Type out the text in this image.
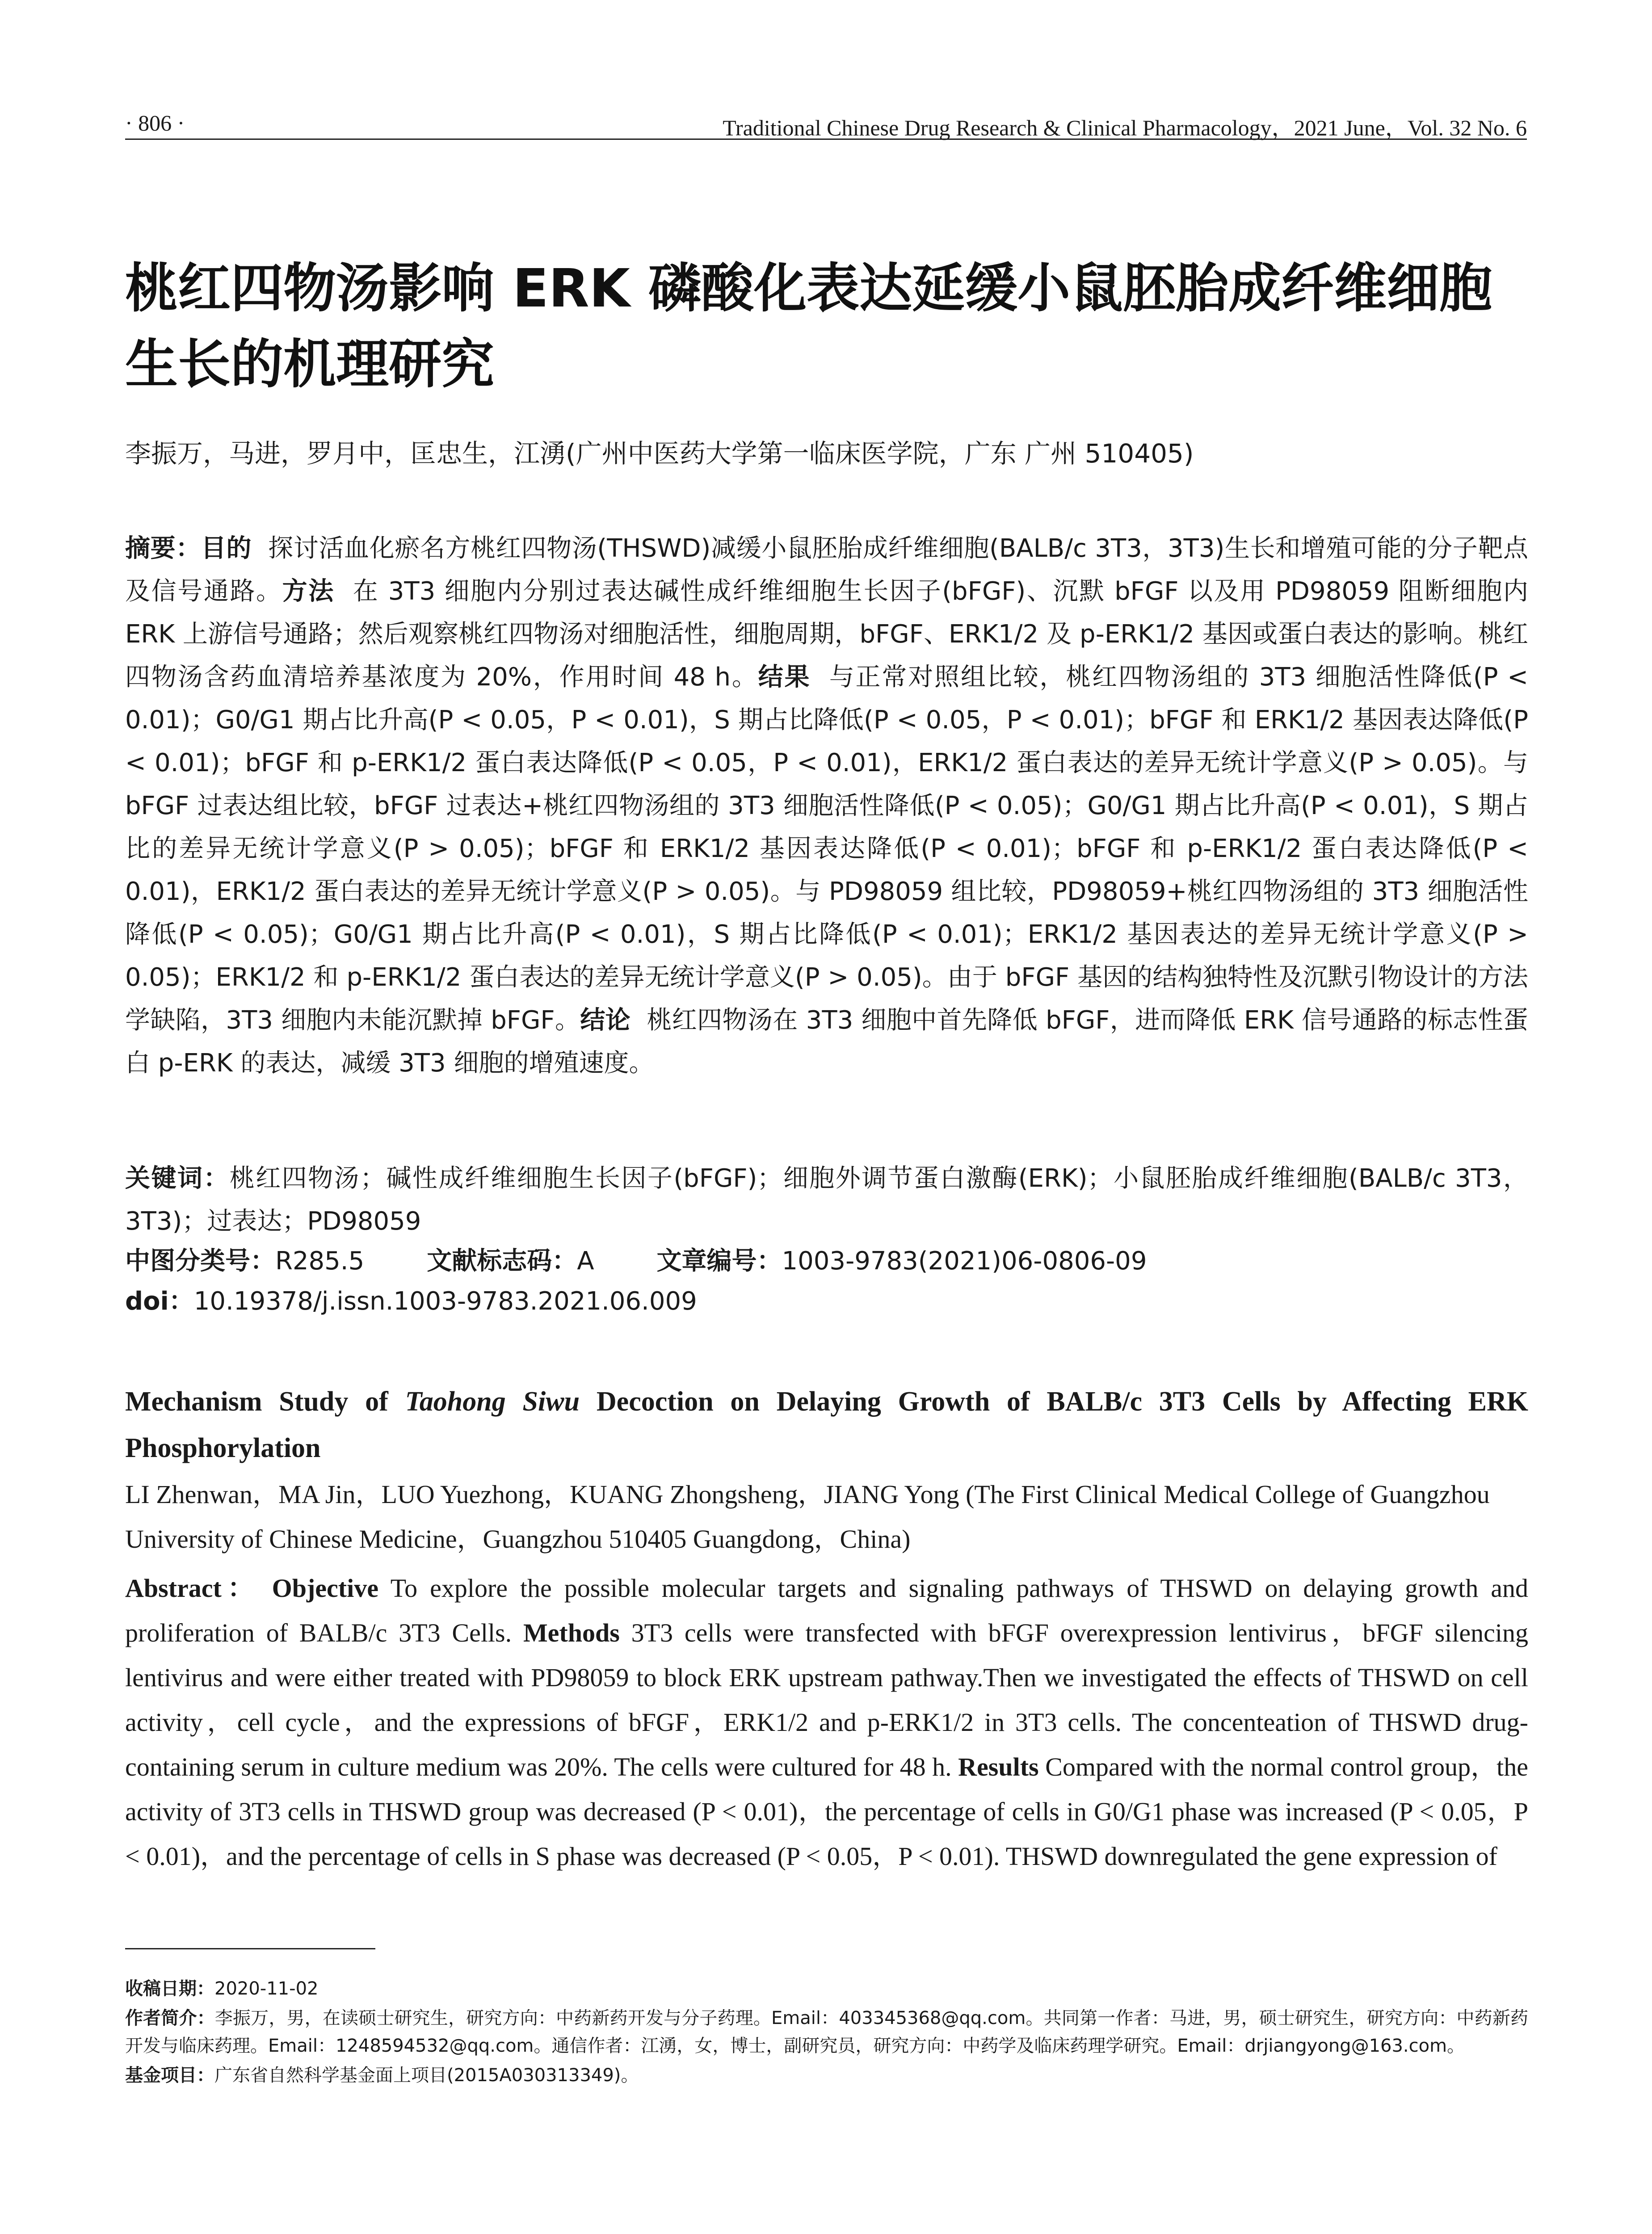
· 806 ·	Traditional Chinese Drug Research & Clinical Pharmacology，2021 June，Vol. 32 No. 6
桃红四物汤影响 ERK 磷酸化表达延缓小鼠胚胎成纤维细胞生长的机理研究
李振万，马进，罗月中，匡忠生，江湧(广州中医药大学第一临床医学院，广东 广州 510405)
摘要：目的 探讨活血化瘀名方桃红四物汤(THSWD)减缓小鼠胚胎成纤维细胞(BALB/c 3T3，3T3)生长和增殖可能的分子靶点及信号通路。方法 在 3T3 细胞内分别过表达碱性成纤维细胞生长因子(bFGF)、沉默 bFGF 以及用 PD98059 阻断细胞内 ERK 上游信号通路；然后观察桃红四物汤对细胞活性，细胞周期，bFGF、ERK1/2 及 p-ERK1/2 基因或蛋白表达的影响。桃红四物汤含药血清培养基浓度为 20%，作用时间 48 h。结果 与正常对照组比较，桃红四物汤组的 3T3 细胞活性降低(P < 0.01)；G0/G1 期占比升高(P < 0.05，P < 0.01)，S 期占比降低(P < 0.05，P < 0.01)；bFGF 和 ERK1/2 基因表达降低(P < 0.01)；bFGF 和 p-ERK1/2 蛋白表达降低(P < 0.05，P < 0.01)，ERK1/2 蛋白表达的差异无统计学意义(P > 0.05)。与 bFGF 过表达组比较，bFGF 过表达+桃红四物汤组的 3T3 细胞活性降低(P < 0.05)；G0/G1 期占比升高(P < 0.01)，S 期占比的差异无统计学意义(P > 0.05)；bFGF 和 ERK1/2 基因表达降低(P < 0.01)；bFGF 和 p-ERK1/2 蛋白表达降低(P < 0.01)，ERK1/2 蛋白表达的差异无统计学意义(P > 0.05)。与 PD98059 组比较，PD98059+桃红四物汤组的 3T3 细胞活性降低(P < 0.05)；G0/G1 期占比升高(P < 0.01)，S 期占比降低(P < 0.01)；ERK1/2 基因表达的差异无统计学意义(P > 0.05)；ERK1/2 和 p-ERK1/2 蛋白表达的差异无统计学意义(P > 0.05)。由于 bFGF 基因的结构独特性及沉默引物设计的方法学缺陷，3T3 细胞内未能沉默掉 bFGF。结论 桃红四物汤在 3T3 细胞中首先降低 bFGF，进而降低 ERK 信号通路的标志性蛋白 p-ERK 的表达，减缓 3T3 细胞的增殖速度。
关键词：桃红四物汤；碱性成纤维细胞生长因子(bFGF)；细胞外调节蛋白激酶(ERK)；小鼠胚胎成纤维细胞(BALB/c 3T3，3T3)；过表达；PD98059
中图分类号：R285.5	文献标志码：A	文章编号：1003-9783(2021)06-0806-09
doi：10.19378/j.issn.1003-9783.2021.06.009
Mechanism Study of Taohong Siwu Decoction on Delaying Growth of BALB/c 3T3 Cells by Affecting ERK Phosphorylation
LI Zhenwan，MA Jin，LUO Yuezhong，KUANG Zhongsheng，JIANG Yong (The First Clinical Medical College of Guangzhou University of Chinese Medicine，Guangzhou 510405 Guangdong，China)
Abstract： Objective To explore the possible molecular targets and signaling pathways of THSWD on delaying growth and proliferation of BALB/c 3T3 Cells. Methods 3T3 cells were transfected with bFGF overexpression lentivirus，bFGF silencing lentivirus and were either treated with PD98059 to block ERK upstream pathway.Then we investigated the effects of THSWD on cell activity，cell cycle，and the expressions of bFGF，ERK1/2 and p-ERK1/2 in 3T3 cells. The concenteation of THSWD drug-containing serum in culture medium was 20%. The cells were cultured for 48 h. Results Compared with the normal control group，the activity of 3T3 cells in THSWD group was decreased (P < 0.01)，the percentage of cells in G0/G1 phase was increased (P < 0.05，P < 0.01)，and the percentage of cells in S phase was decreased (P < 0.05，P < 0.01). THSWD downregulated the gene expression of

收稿日期：2020-11-02

作者简介：李振万，男，在读硕士研究生，研究方向：中药新药开发与分子药理。Email：403345368@qq.com。共同第一作者：马进，男，硕士研究生，研究方向：中药新药开发与临床药理。Email：1248594532@qq.com。通信作者：江湧，女，博士，副研究员，研究方向：中药学及临床药理学研究。Email：drjiangyong@163.com。

基金项目：广东省自然科学基金面上项目(2015A030313349)。
